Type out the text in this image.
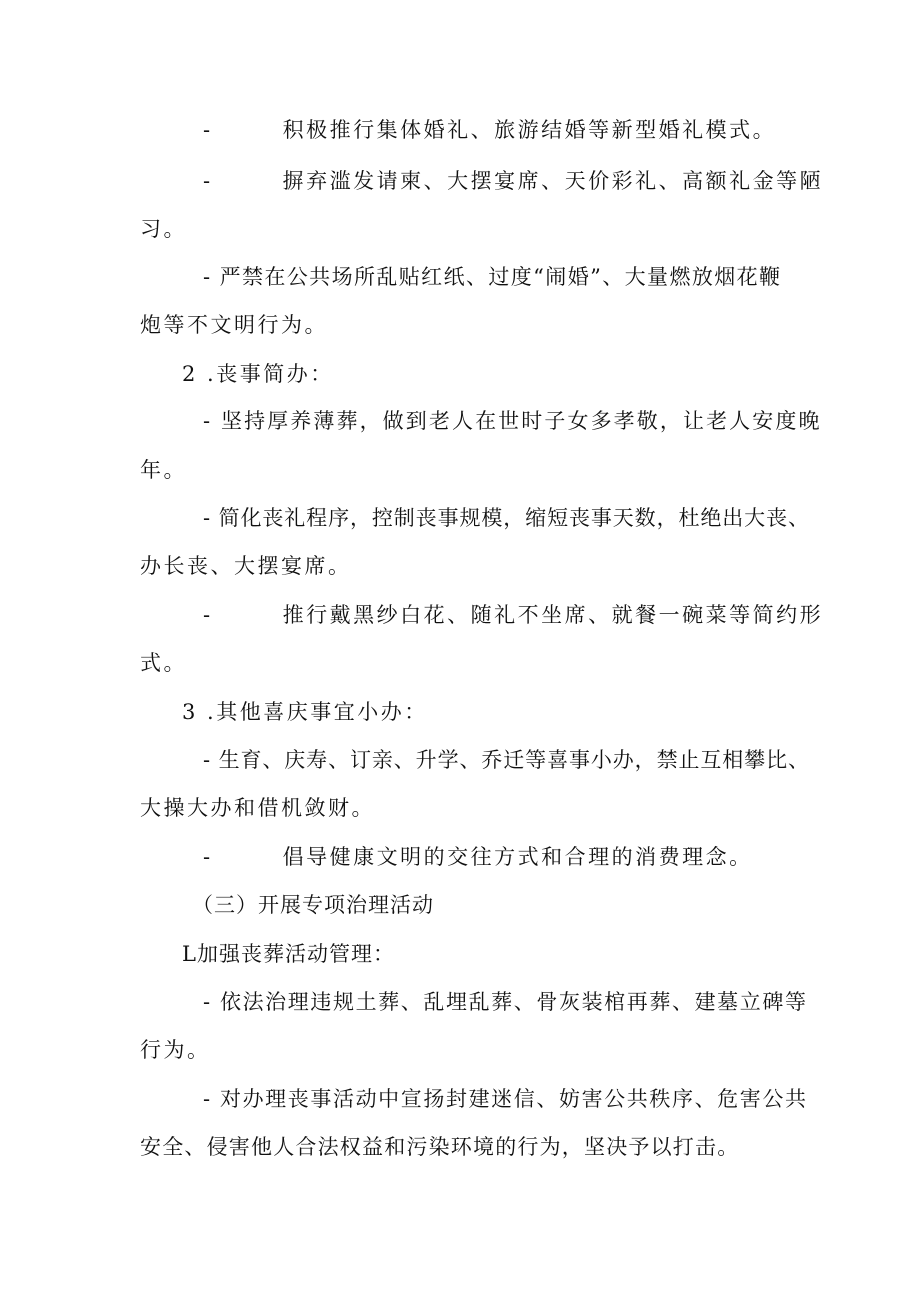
-	积极推行集体婚礼、旅游结婚等新型婚礼模式。
-	摒弃滥发请柬、大摆宴席、天价彩礼、高额礼金等陋
习。
- 严禁在公共场所乱贴红纸、过度“闹婚”、大量燃放烟花鞭
炮等不文明行为。
2 .丧事简办：
- 坚持厚养薄葬，做到老人在世时子女多孝敬，让老人安度晚
年。
- 简化丧礼程序，控制丧事规模，缩短丧事天数，杜绝出大丧、
办长丧、大摆宴席。
-	推行戴黑纱白花、随礼不坐席、就餐一碗菜等简约形
式。
3 .其他喜庆事宜小办：
- 生育、庆寿、订亲、升学、乔迁等喜事小办，禁止互相攀比、
大操大办和借机敛财。
-	倡导健康文明的交往方式和合理的消费理念。
（三）开展专项治理活动
L加强丧葬活动管理：
- 依法治理违规土葬、乱埋乱葬、骨灰装棺再葬、建墓立碑等
行为。
- 对办理丧事活动中宣扬封建迷信、妨害公共秩序、危害公共
安全、侵害他人合法权益和污染环境的行为，坚决予以打击。
